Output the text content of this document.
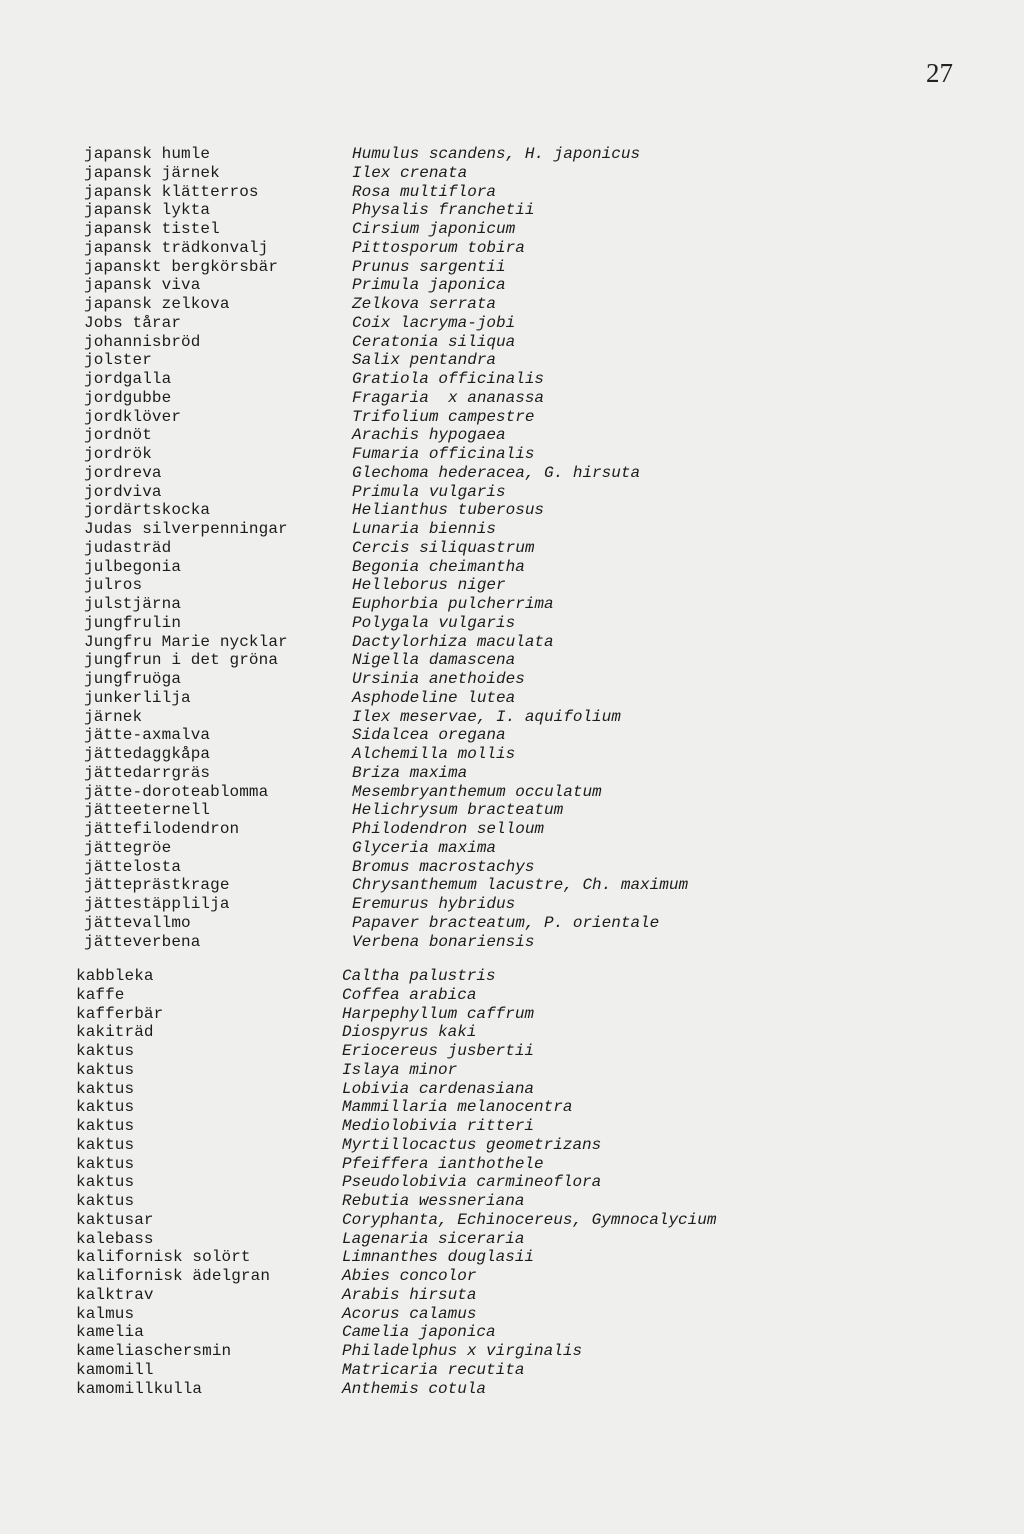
27
japansk humle
japansk järnek
japansk klätterros
japansk lykta
japansk tistel
japansk trädkonvalj
japanskt bergkörsbär
japansk viva
japansk zelkova
Jobs tårar
johannisbröd
jolster
jordgalla
jordgubbe
jordklöver
jordnöt
jordrök
jordreva
jordviva
jordärtskocka
Judas silverpenningar
judasträd
julbegonia
julros
julstjärna
jungfrulin
Jungfru Marie nycklar
jungfrun i det gröna
jungfruöga
junkerlilja
järnek
jätte-axmalva
jättedaggkåpa
jättedarrgräs
jätte-doroteablomma
jätteeternell
jättefilodendron
jättegröe
jättelosta
jätteprästkrage
jättestäpplilja
jättevallmo
jätteverbena
Humulus scandens, H. japonicus
Ilex crenata
Rosa multiflora
Physalis franchetii
Cirsium japonicum
Pittosporum tobira
Prunus sargentii
Primula japonica
Zelkova serrata
Coix lacryma-jobi
Ceratonia siliqua
Salix pentandra
Gratiola officinalis
Fragaria  x ananassa
Trifolium campestre
Arachis hypogaea
Fumaria officinalis
Glechoma hederacea, G. hirsuta
Primula vulgaris
Helianthus tuberosus
Lunaria biennis
Cercis siliquastrum
Begonia cheimantha
Helleborus niger
Euphorbia pulcherrima
Polygala vulgaris
Dactylorhiza maculata
Nigella damascena
Ursinia anethoides
Asphodeline lutea
Ilex meservae, I. aquifolium
Sidalcea oregana
Alchemilla mollis
Briza maxima
Mesembryanthemum occulatum
Helichrysum bracteatum
Philodendron selloum
Glyceria maxima
Bromus macrostachys
Chrysanthemum lacustre, Ch. maximum
Eremurus hybridus
Papaver bracteatum, P. orientale
Verbena bonariensis
kabbleka
kaffe
kafferbär
kakiträd
kaktus
kaktus
kaktus
kaktus
kaktus
kaktus
kaktus
kaktus
kaktus
kaktusar
kalebass
kalifornisk solört
kalifornisk ädelgran
kalktrav
kalmus
kamelia
kameliaschersmin
kamomill
kamomillkulla
Caltha palustris
Coffea arabica
Harpephyllum caffrum
Diospyrus kaki
Eriocereus jusbertii
Islaya minor
Lobivia cardenasiana
Mammillaria melanocentra
Mediolobivia ritteri
Myrtillocactus geometrizans
Pfeiffera ianthothele
Pseudolobivia carmineoflora
Rebutia wessneriana
Coryphanta, Echinocereus, Gymnocalycium
Lagenaria siceraria
Limnanthes douglasii
Abies concolor
Arabis hirsuta
Acorus calamus
Camelia japonica
Philadelphus x virginalis
Matricaria recutita
Anthemis cotula
